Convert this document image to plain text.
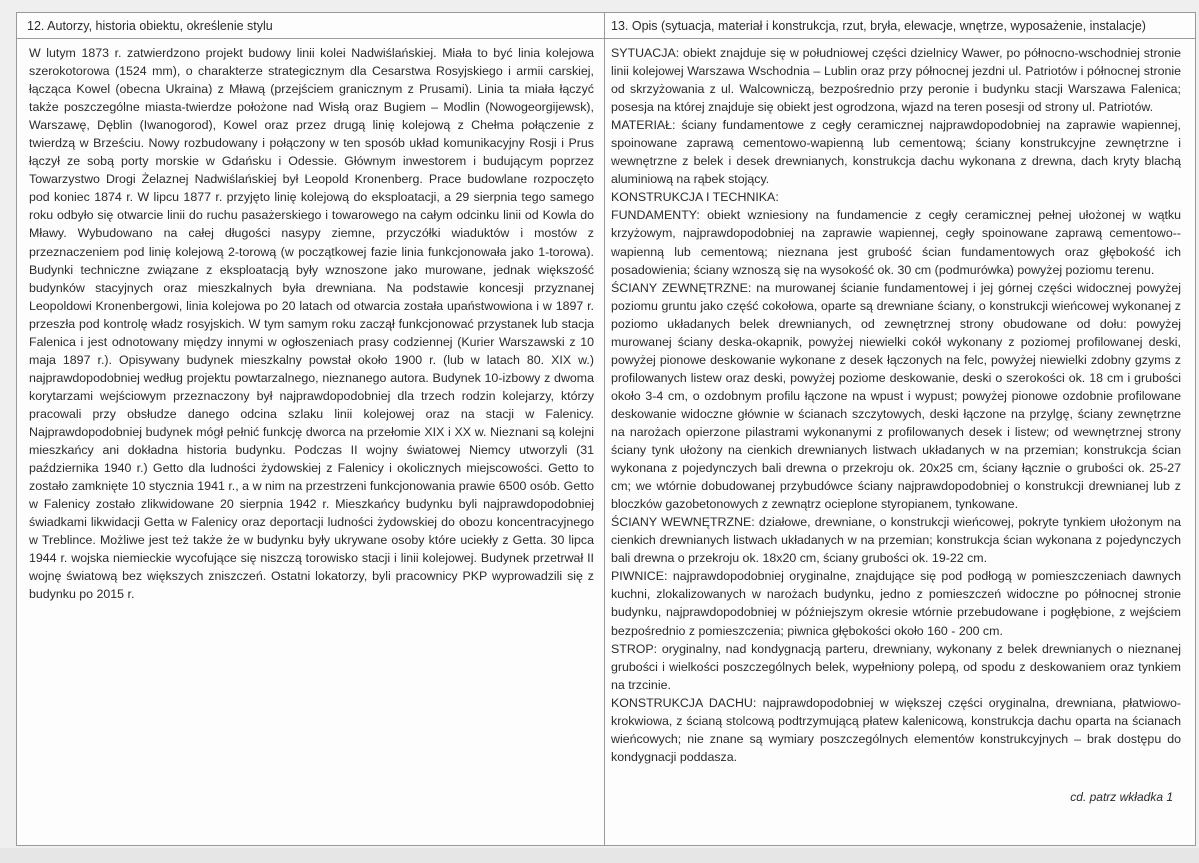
12. Autorzy, historia obiektu, określenie stylu

W lutym 1873 r. zatwierdzono projekt budowy linii kolei Nadwiślańskiej. Miała to być linia kolejowa szerokotorowa (1524 mm), o charakterze strategicznym dla Cesarstwa Rosyjskiego i armii carskiej, łącząca Kowel (obecna Ukraina) z Mławą (przejściem granicznym z Prusami). Linia ta miała łączyć także poszczególne miasta-twierdze położone nad Wisłą oraz Bugiem – Modlin (Nowogeorgijewsk), Warszawę, Dęblin (Iwanogorod), Kowel oraz przez drugą linię kolejową z Chełma połączenie z twierdzą w Brześciu. Nowy rozbudowany i połączony w ten sposób układ komunikacyjny Rosji i Prus łączył ze sobą porty morskie w Gdańsku i Odessie. Głównym inwestorem i budującym poprzez Towarzystwo Drogi Żelaznej Nadwiślańskiej był Leopold Kronenberg. Prace budowlane rozpoczęto pod koniec 1874 r. W lipcu 1877 r. przyjęto linię kolejową do eksploatacji, a 29 sierpnia tego samego roku odbyło się otwarcie linii do ruchu pasażerskiego i towarowego na całym odcinku linii od Kowla do Mławy. Wybudowano na całej długości nasypy ziemne, przyczółki wiaduktów i mostów z przeznaczeniem pod linię kolejową 2-torową (w początkowej fazie linia funkcjonowała jako 1-torowa). Budynki techniczne związane z eksploatacją były wznoszone jako murowane, jednak większość budynków stacyjnych oraz mieszkalnych była drewniana. Na podstawie koncesji przyznanej Leopoldowi Kronenbergowi, linia kolejowa po 20 latach od otwarcia została upaństwowiona i w 1897 r. przeszła pod kontrolę władz rosyjskich. W tym samym roku zaczął funkcjonować przystanek lub stacja Falenica i jest odnotowany między innymi w ogłoszeniach prasy codziennej (Kurier Warszawski z 10 maja 1897 r.). Opisywany budynek mieszkalny powstał około 1900 r. (lub w latach 80. XIX w.) najprawdopodobniej według projektu powtarzalnego, nieznanego autora. Budynek 10-izbowy z dwoma korytarzami wejściowym przeznaczony był najprawdopodobniej dla trzech rodzin kolejarzy, którzy pracowali przy obsłudze danego odcina szlaku linii kolejowej oraz na stacji w Falenicy. Najprawdopodobniej budynek mógł pełnić funkcję dworca na przełomie XIX i XX w. Nieznani są kolejni mieszkańcy ani dokładna historia budynku. Podczas II wojny światowej Niemcy utworzyli (31 października 1940 r.) Getto dla ludności żydowskiej z Falenicy i okolicznych miejscowości. Getto to zostało zamknięte 10 stycznia 1941 r., a w nim na przestrzeni funkcjonowania prawie 6500 osób. Getto w Falenicy zostało zlikwidowane 20 sierpnia 1942 r. Mieszkańcy budynku byli najprawdopodobniej świadkami likwidacji Getta w Falenicy oraz deportacji ludności żydowskiej do obozu koncentracyjnego w Treblince. Możliwe jest też także że w budynku były ukrywane osoby które uciekły z Getta. 30 lipca 1944 r. wojska niemieckie wycofujące się niszczą torowisko stacji i linii kolejowej. Budynek przetrwał II wojnę światową bez większych zniszczeń. Ostatni lokatorzy, byli pracownicy PKP wyprowadzili się z budynku po 2015 r.

13. Opis (sytuacja, materiał i konstrukcja, rzut, bryła, elewacje, wnętrze, wyposażenie, instalacje)

SYTUACJA: obiekt znajduje się w południowej części dzielnicy Wawer, po północno-wschodniej stronie linii kolejowej Warszawa Wschodnia – Lublin oraz przy północnej jezdni ul. Patriotów i północnej stronie od skrzyżowania z ul. Walcowniczą, bezpośrednio przy peronie i budynku stacji Warszawa Falenica; posesja na której znajduje się obiekt jest ogrodzona, wjazd na teren posesji od strony ul. Patriotów.

MATERIAŁ: ściany fundamentowe z cegły ceramicznej najprawdopodobniej na zaprawie wapiennej, spoinowane zaprawą cementowo-wapienną lub cementową; ściany konstrukcyjne zewnętrzne i wewnętrzne z belek i desek drewnianych, konstrukcja dachu wykonana z drewna, dach kryty blachą aluminiową na rąbek stojący.

KONSTRUKCJA I TECHNIKA:

FUNDAMENTY: obiekt wzniesiony na fundamencie z cegły ceramicznej pełnej ułożonej w wątku krzyżowym, najprawdopodobniej na zaprawie wapiennej, cegły spoinowane zaprawą cementowo--wapienną lub cementową; nieznana jest grubość ścian fundamentowych oraz głębokość ich posadowienia; ściany wznoszą się na wysokość ok. 30 cm (podmurówka) powyżej poziomu terenu.

ŚCIANY ZEWNĘTRZNE: na murowanej ścianie fundamentowej i jej górnej części widocznej powyżej poziomu gruntu jako część cokołowa, oparte są drewniane ściany, o konstrukcji wieńcowej wykonanej z poziomo układanych belek drewnianych, od zewnętrznej strony obudowane od dołu: powyżej murowanej ściany deska-okapnik, powyżej niewielki cokół wykonany z poziomej profilowanej deski, powyżej pionowe deskowanie wykonane z desek łączonych na felc, powyżej niewielki zdobny gzyms z profilowanych listew oraz deski, powyżej poziome deskowanie, deski o szerokości ok. 18 cm i grubości około 3-4 cm, o ozdobnym profilu łączone na wpust i wypust; powyżej pionowe ozdobnie profilowane deskowanie widoczne głównie w ścianach szczytowych, deski łączone na przylgę, ściany zewnętrzne na narożach opierzone pilastrami wykonanymi z profilowanych desek i listew; od wewnętrznej strony ściany tynk ułożony na cienkich drewnianych listwach układanych w na przemian; konstrukcja ścian wykonana z pojedynczych bali drewna o przekroju ok. 20x25 cm, ściany łącznie o grubości ok. 25-27 cm; we wtórnie dobudowanej przybudówce ściany najprawdopodobniej o konstrukcji drewnianej lub z bloczków gazobetonowych z zewnątrz ocieplone styropianem, tynkowane.

ŚCIANY WEWNĘTRZNE: działowe, drewniane, o konstrukcji wieńcowej, pokryte tynkiem ułożonym na cienkich drewnianych listwach układanych w na przemian; konstrukcja ścian wykonana z pojedynczych bali drewna o przekroju ok. 18x20 cm, ściany grubości ok. 19-22 cm.

PIWNICE: najprawdopodobniej oryginalne, znajdujące się pod podłogą w pomieszczeniach dawnych kuchni, zlokalizowanych w narożach budynku, jedno z pomieszczeń widoczne po północnej stronie budynku, najprawdopodobniej w późniejszym okresie wtórnie przebudowane i pogłębione, z wejściem bezpośrednio z pomieszczenia; piwnica głębokości około 160 - 200 cm.

STROP: oryginalny, nad kondygnacją parteru, drewniany, wykonany z belek drewnianych o nieznanej grubości i wielkości poszczególnych belek, wypełniony polepą, od spodu z deskowaniem oraz tynkiem na trzcinie.

KONSTRUKCJA DACHU: najprawdopodobniej w większej części oryginalna, drewniana, płatwiowo-krokwiowa, z ścianą stolcową podtrzymującą płatew kalenicową, konstrukcja dachu oparta na ścianach wieńcowych; nie znane są wymiary poszczególnych elementów konstrukcyjnych – brak dostępu do kondygnacji poddasza.

cd. patrz wkładka 1
